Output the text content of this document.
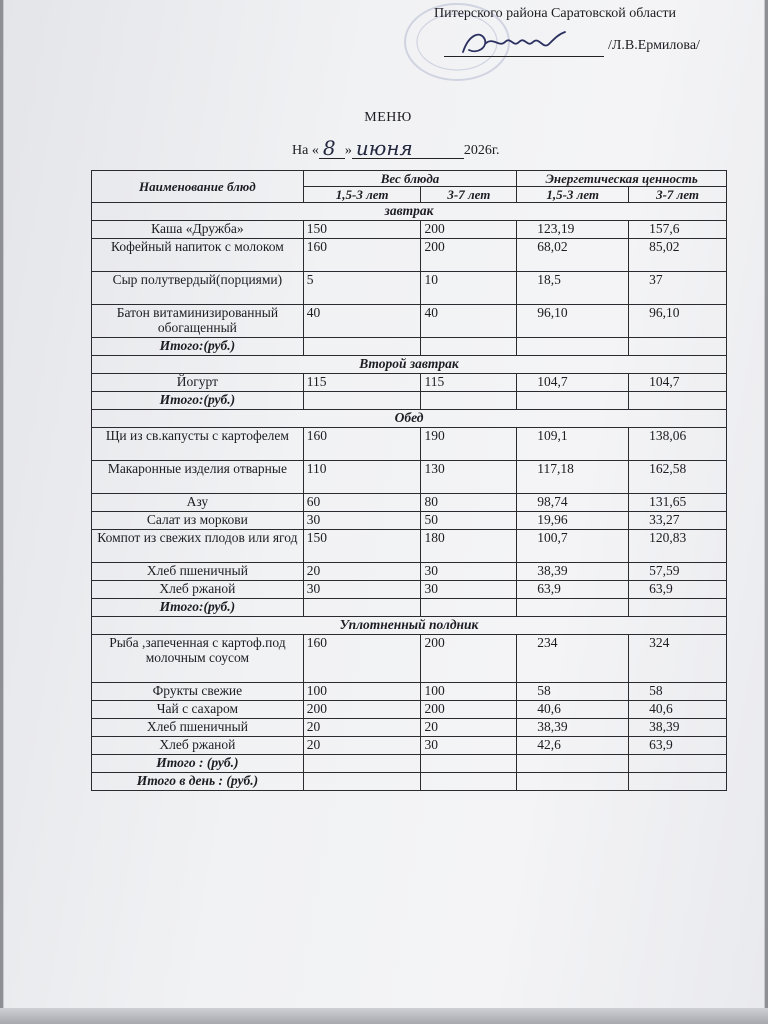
Питерского района Саратовской области
/Л.В.Ермилова/
МЕНЮ
На « 8 » июня	2026г.
Наименование блюд	Вес блюда		Энергетическая ценность	
	1,5-3 лет	3-7 лет	1,5-3 лет	3-7 лет
завтрак				
Каша «Дружба»	150	200	123,19	157,6
Кофейный напиток с молоком	160	200	68,02	85,02
Сыр полутвердый(порциями)	5	10	18,5	37
Батон витаминизированный обогащенный	40	40	96,10	96,10
Итого:(руб.)				
Второй завтрак				
Йогурт	115	115	104,7	104,7
Итого:(руб.)				
Обед				
Щи из св.капусты с картофелем	160	190	109,1	138,06
Макаронные изделия отварные	110	130	117,18	162,58
Азу	60	80	98,74	131,65
Салат из моркови	30	50	19,96	33,27
Компот из свежих плодов или ягод	150	180	100,7	120,83
Хлеб пшеничный	20	30	38,39	57,59
Хлеб ржаной	30	30	63,9	63,9
Итого:(руб.)				
Уплотненный полдник				
Рыба ,запеченная с картоф.под молочным соусом	160	200	234	324
Фрукты свежие	100	100	58	58
Чай с сахаром	200	200	40,6	40,6
Хлеб пшеничный	20	20	38,39	38,39
Хлеб ржаной	20	30	42,6	63,9
Итого : (руб.)				
Итого в день : (руб.)				
